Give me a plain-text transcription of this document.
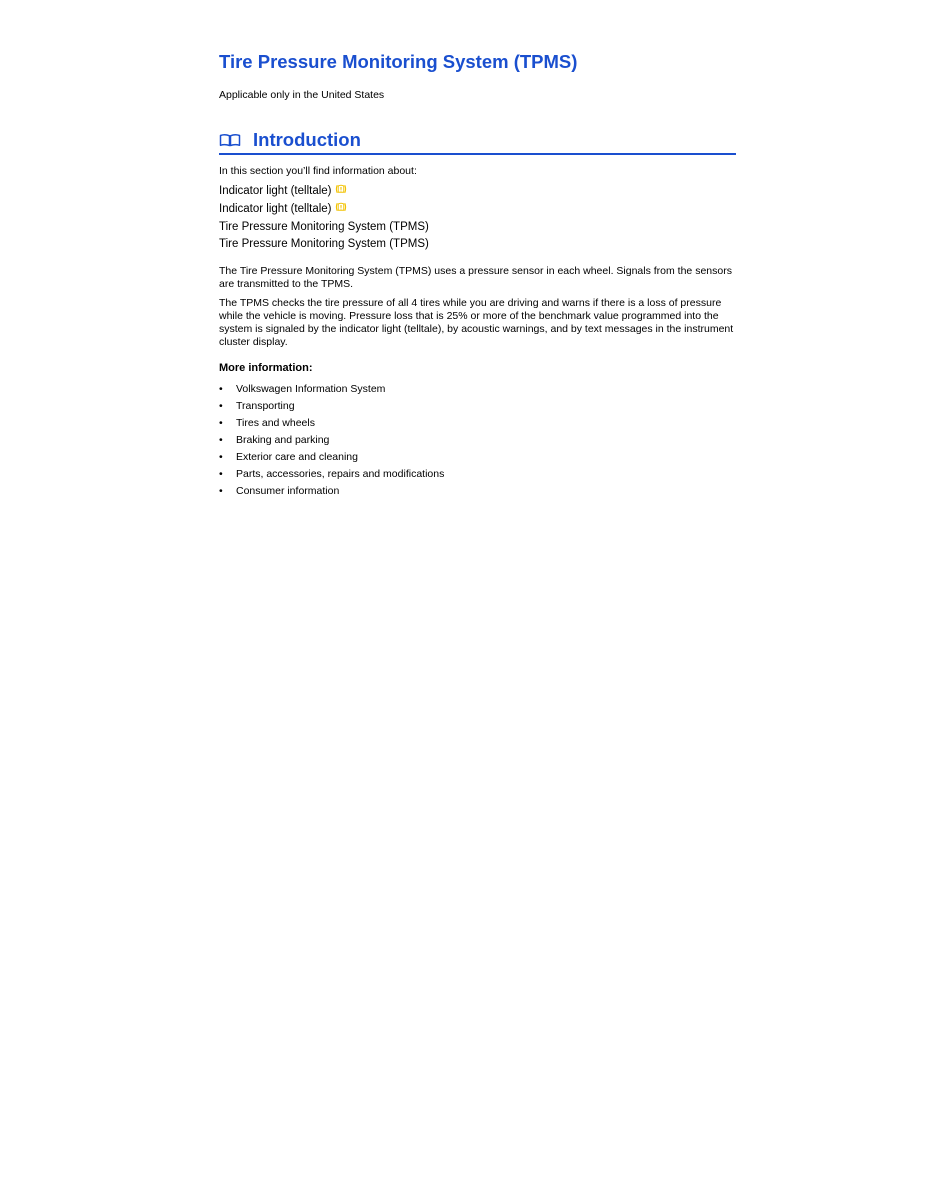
Tire Pressure Monitoring System (TPMS)

Applicable only in the United States

Introduction

In this section you’ll find information about:

Indicator light (telltale)
Indicator light (telltale)
Tire Pressure Monitoring System (TPMS)
Tire Pressure Monitoring System (TPMS)

The Tire Pressure Monitoring System (TPMS) uses a pressure sensor in each wheel. Signals from the sensors are transmitted to the TPMS.

The TPMS checks the tire pressure of all 4 tires while you are driving and warns if there is a loss of pressure while the vehicle is moving. Pressure loss that is 25% or more of the benchmark value programmed into the system is signaled by the indicator light (telltale), by acoustic warnings, and by text messages in the instrument cluster display.

More information:

• Volkswagen Information System
• Transporting
• Tires and wheels
• Braking and parking
• Exterior care and cleaning
• Parts, accessories, repairs and modifications
• Consumer information
